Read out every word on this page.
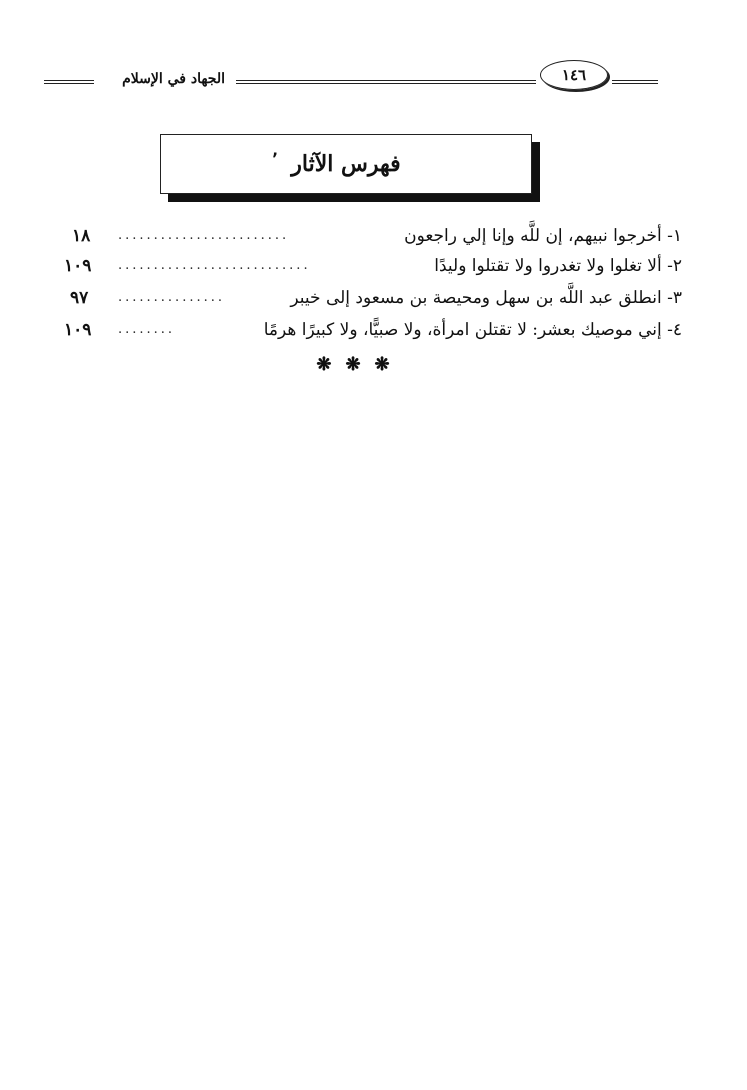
الجهاد في الإسلام	١٤٦
فهرس الآثار
٬
١- أخرجوا نبيهم، إن للَّه وإنا إلي راجعون
........................
١٨
٢- ألا تغلوا ولا تغدروا ولا تقتلوا وليدًا
...........................
١٠٩
٣- انطلق عبد اللَّه بن سهل ومحيصة بن مسعود إلى خيبر
...............
٩٧
٤- إني موصيك بعشر: لا تقتلن امرأة، ولا صبيًّا، ولا كبيرًا هرمًا
........
١٠٩
❋❋❋
